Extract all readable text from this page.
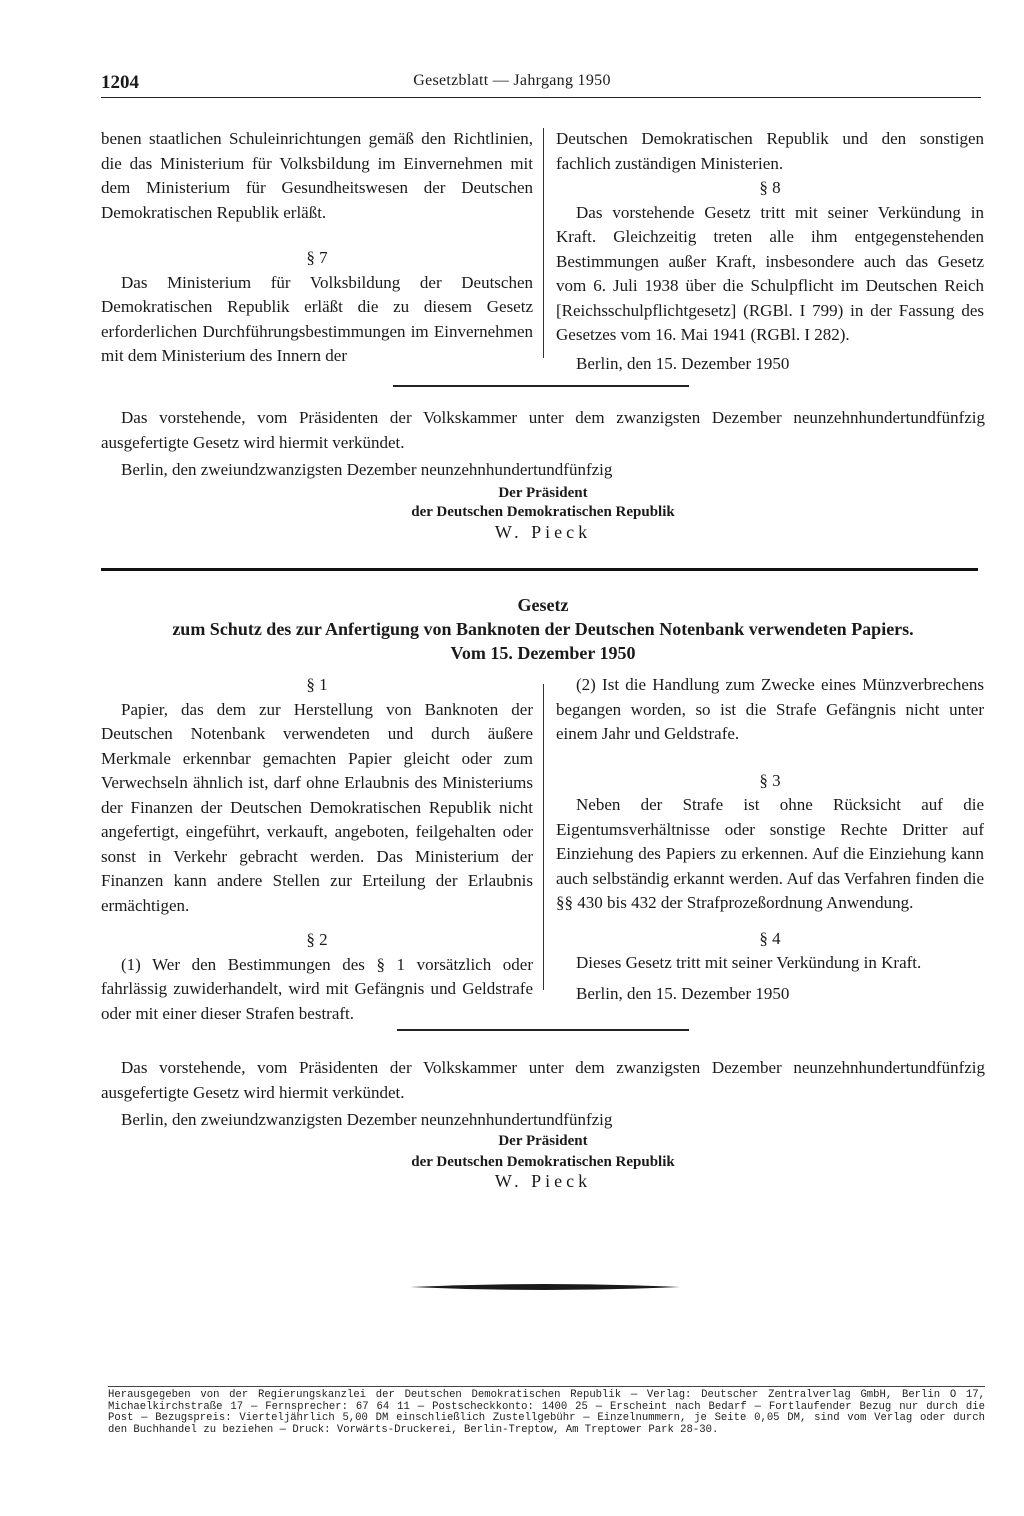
1204	Gesetzblatt — Jahrgang 1950

benen staatlichen Schuleinrichtungen gemäß den Richtlinien, die das Ministerium für Volksbildung im Einvernehmen mit dem Ministerium für Gesundheitswesen der Deutschen Demokratischen Republik erläßt.

§ 7

Das Ministerium für Volksbildung der Deutschen Demokratischen Republik erläßt die zu diesem Gesetz erforderlichen Durchführungsbestimmungen im Einvernehmen mit dem Ministerium des Innern der

Deutschen Demokratischen Republik und den sonstigen fachlich zuständigen Ministerien.

§ 8

Das vorstehende Gesetz tritt mit seiner Verkündung in Kraft. Gleichzeitig treten alle ihm entgegenstehenden Bestimmungen außer Kraft, insbesondere auch das Gesetz vom 6. Juli 1938 über die Schulpflicht im Deutschen Reich [Reichsschulpflichtgesetz] (RGBl. I 799) in der Fassung des Gesetzes vom 16. Mai 1941 (RGBl. I 282).

Berlin, den 15. Dezember 1950

Das vorstehende, vom Präsidenten der Volkskammer unter dem zwanzigsten Dezember neunzehnhundertundfünfzig ausgefertigte Gesetz wird hiermit verkündet.

Berlin, den zweiundzwanzigsten Dezember neunzehnhundertundfünfzig

Der Präsident
der Deutschen Demokratischen Republik
W. Pieck
Gesetz
zum Schutz des zur Anfertigung von Banknoten der Deutschen Notenbank verwendeten Papiers.
Vom 15. Dezember 1950

§ 1

Papier, das dem zur Herstellung von Banknoten der Deutschen Notenbank verwendeten und durch äußere Merkmale erkennbar gemachten Papier gleicht oder zum Verwechseln ähnlich ist, darf ohne Erlaubnis des Ministeriums der Finanzen der Deutschen Demokratischen Republik nicht angefertigt, eingeführt, verkauft, angeboten, feilgehalten oder sonst in Verkehr gebracht werden. Das Ministerium der Finanzen kann andere Stellen zur Erteilung der Erlaubnis ermächtigen.

§ 2

(1) Wer den Bestimmungen des § 1 vorsätzlich oder fahrlässig zuwiderhandelt, wird mit Gefängnis und Geldstrafe oder mit einer dieser Strafen bestraft.

(2) Ist die Handlung zum Zwecke eines Münzverbrechens begangen worden, so ist die Strafe Gefängnis nicht unter einem Jahr und Geldstrafe.

§ 3

Neben der Strafe ist ohne Rücksicht auf die Eigentumsverhältnisse oder sonstige Rechte Dritter auf Einziehung des Papiers zu erkennen. Auf die Einziehung kann auch selbständig erkannt werden. Auf das Verfahren finden die §§ 430 bis 432 der Strafprozeßordnung Anwendung.

§ 4

Dieses Gesetz tritt mit seiner Verkündung in Kraft.

Berlin, den 15. Dezember 1950

Das vorstehende, vom Präsidenten der Volkskammer unter dem zwanzigsten Dezember neunzehnhundertundfünfzig ausgefertigte Gesetz wird hiermit verkündet.

Berlin, den zweiundzwanzigsten Dezember neunzehnhundertundfünfzig

Der Präsident
der Deutschen Demokratischen Republik
W. Pieck
Herausgegeben von der Regierungskanzlei der Deutschen Demokratischen Republik — Verlag: Deutscher Zentralverlag GmbH, Berlin O 17, Michaelkirchstraße 17 — Fernsprecher: 67 64 11 — Postscheckkonto: 1400 25 — Erscheint nach Bedarf — Fortlaufender Bezug nur durch die Post — Bezugspreis: Vierteljährlich 5,00 DM einschließlich Zustellgebühr — Einzelnummern, je Seite 0,05 DM, sind vom Verlag oder durch den Buchhandel zu beziehen — Druck: Vorwärts-Druckerei, Berlin-Treptow, Am Treptower Park 28-30.
